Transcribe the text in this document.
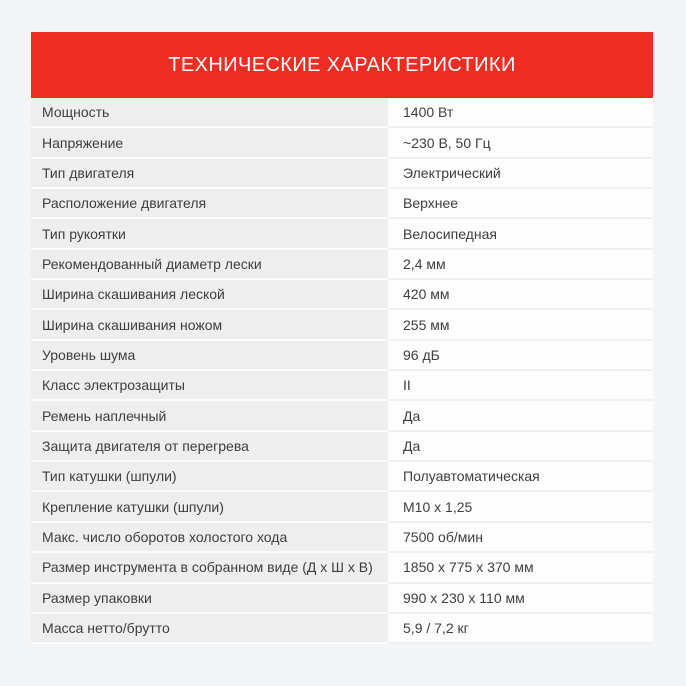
ТЕХНИЧЕСКИЕ ХАРАКТЕРИСТИКИ
Мощность	1400 Вт
Напряжение	~230 В, 50 Гц
Тип двигателя	Электрический
Расположение двигателя	Верхнее
Тип рукоятки	Велосипедная
Рекомендованный диаметр лески	2,4 мм
Ширина скашивания леской	420 мм
Ширина скашивания ножом	255 мм
Уровень шума	96 дБ
Класс электрозащиты	II
Ремень наплечный	Да
Защита двигателя от перегрева	Да
Тип катушки (шпули)	Полуавтоматическая
Крепление катушки (шпули)	M10 x 1,25
Макс. число оборотов холостого хода	7500 об/мин
Размер инструмента в собранном виде (Д х Ш х В)	1850 х 775 х 370 мм
Размер упаковки	990 х 230 х 110 мм
Масса нетто/брутто	5,9 / 7,2 кг
